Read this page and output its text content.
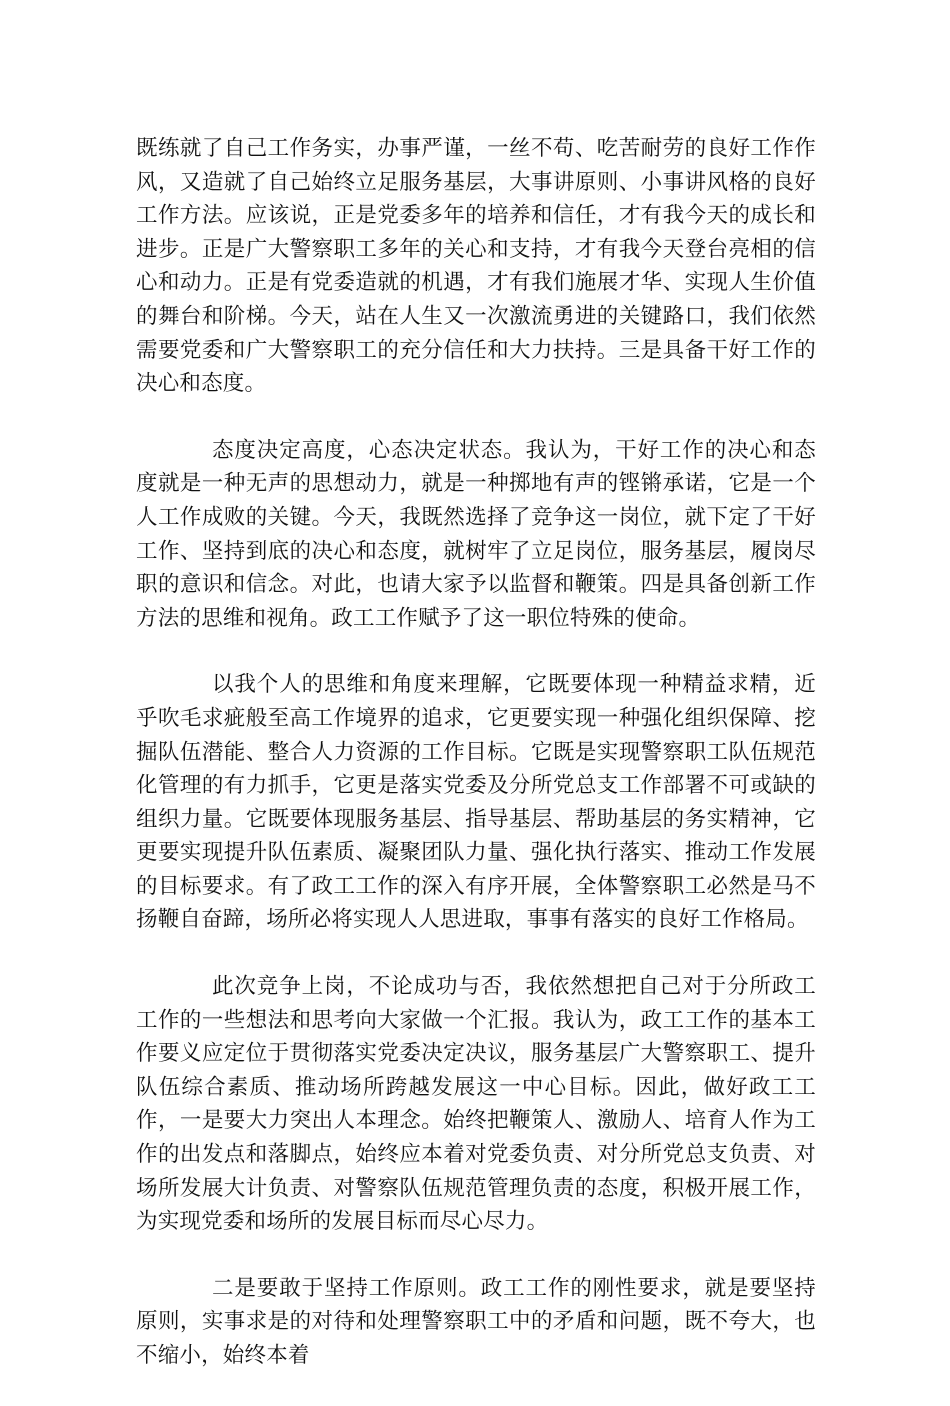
既练就了自己工作务实，办事严谨，一丝不苟、吃苦耐劳的良好工作作风，又造就了自己始终立足服务基层，大事讲原则、小事讲风格的良好工作方法。应该说，正是党委多年的培养和信任，才有我今天的成长和进步。正是广大警察职工多年的关心和支持，才有我今天登台亮相的信心和动力。正是有党委造就的机遇，才有我们施展才华、实现人生价值的舞台和阶梯。今天，站在人生又一次激流勇进的关键路口，我们依然需要党委和广大警察职工的充分信任和大力扶持。三是具备干好工作的决心和态度。

态度决定高度，心态决定状态。我认为，干好工作的决心和态度就是一种无声的思想动力，就是一种掷地有声的铿锵承诺，它是一个人工作成败的关键。今天，我既然选择了竞争这一岗位，就下定了干好工作、坚持到底的决心和态度，就树牢了立足岗位，服务基层，履岗尽职的意识和信念。对此，也请大家予以监督和鞭策。四是具备创新工作方法的思维和视角。政工工作赋予了这一职位特殊的使命。

以我个人的思维和角度来理解，它既要体现一种精益求精，近乎吹毛求疵般至高工作境界的追求，它更要实现一种强化组织保障、挖掘队伍潜能、整合人力资源的工作目标。它既是实现警察职工队伍规范化管理的有力抓手，它更是落实党委及分所党总支工作部署不可或缺的组织力量。它既要体现服务基层、指导基层、帮助基层的务实精神，它更要实现提升队伍素质、凝聚团队力量、强化执行落实、推动工作发展的目标要求。有了政工工作的深入有序开展，全体警察职工必然是马不扬鞭自奋蹄，场所必将实现人人思进取，事事有落实的良好工作格局。

此次竞争上岗，不论成功与否，我依然想把自己对于分所政工工作的一些想法和思考向大家做一个汇报。我认为，政工工作的基本工作要义应定位于贯彻落实党委决定决议，服务基层广大警察职工、提升队伍综合素质、推动场所跨越发展这一中心目标。因此，做好政工工作，一是要大力突出人本理念。始终把鞭策人、激励人、培育人作为工作的出发点和落脚点，始终应本着对党委负责、对分所党总支负责、对场所发展大计负责、对警察队伍规范管理负责的态度，积极开展工作，为实现党委和场所的发展目标而尽心尽力。

二是要敢于坚持工作原则。政工工作的刚性要求，就是要坚持原则，实事求是的对待和处理警察职工中的矛盾和问题，既不夸大，也不缩小，始终本着
